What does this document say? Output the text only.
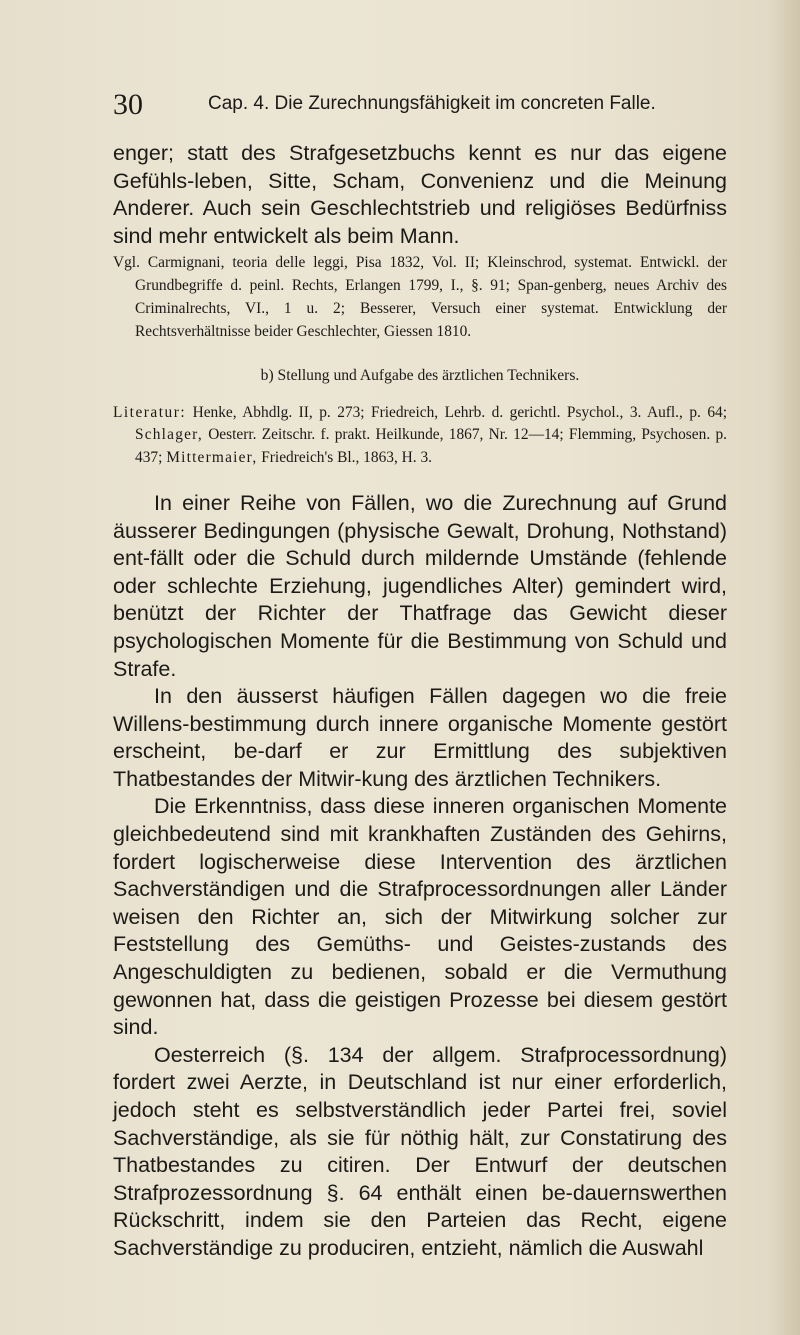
30	Cap. 4. Die Zurechnungsfähigkeit im concreten Falle.

enger; statt des Strafgesetzbuchs kennt es nur das eigene Gefühls-leben, Sitte, Scham, Convenienz und die Meinung Anderer. Auch sein Geschlechtstrieb und religiöses Bedürfniss sind mehr entwickelt als beim Mann.

Vgl. Carmignani, teoria delle leggi, Pisa 1832, Vol. II; Kleinschrod, systemat. Entwickl. der Grundbegriffe d. peinl. Rechts, Erlangen 1799, I., §. 91; Span-genberg, neues Archiv des Criminalrechts, VI., 1 u. 2; Besserer, Versuch einer systemat. Entwicklung der Rechtsverhältnisse beider Geschlechter, Giessen 1810.

b) Stellung und Aufgabe des ärztlichen Technikers.

Literatur: Henke, Abhdlg. II, p. 273; Friedreich, Lehrb. d. gerichtl. Psychol., 3. Aufl., p. 64; Schlager, Oesterr. Zeitschr. f. prakt. Heilkunde, 1867, Nr. 12—14; Flemming, Psychosen. p. 437; Mittermaier, Friedreich's Bl., 1863, H. 3.

In einer Reihe von Fällen, wo die Zurechnung auf Grund äusserer Bedingungen (physische Gewalt, Drohung, Nothstand) ent-fällt oder die Schuld durch mildernde Umstände (fehlende oder schlechte Erziehung, jugendliches Alter) gemindert wird, benützt der Richter der Thatfrage das Gewicht dieser psychologischen Momente für die Bestimmung von Schuld und Strafe.

In den äusserst häufigen Fällen dagegen wo die freie Willens-bestimmung durch innere organische Momente gestört erscheint, be-darf er zur Ermittlung des subjektiven Thatbestandes der Mitwir-kung des ärztlichen Technikers.

Die Erkenntniss, dass diese inneren organischen Momente gleichbedeutend sind mit krankhaften Zuständen des Gehirns, fordert logischerweise diese Intervention des ärztlichen Sachverständigen und die Strafprocessordnungen aller Länder weisen den Richter an, sich der Mitwirkung solcher zur Feststellung des Gemüths- und Geistes-zustands des Angeschuldigten zu bedienen, sobald er die Vermuthung gewonnen hat, dass die geistigen Prozesse bei diesem gestört sind.

Oesterreich (§. 134 der allgem. Strafprocessordnung) fordert zwei Aerzte, in Deutschland ist nur einer erforderlich, jedoch steht es selbstverständlich jeder Partei frei, soviel Sachverständige, als sie für nöthig hält, zur Constatirung des Thatbestandes zu citiren. Der Entwurf der deutschen Strafprozessordnung §. 64 enthält einen be-dauernswerthen Rückschritt, indem sie den Parteien das Recht, eigene Sachverständige zu produciren, entzieht, nämlich die Auswahl
